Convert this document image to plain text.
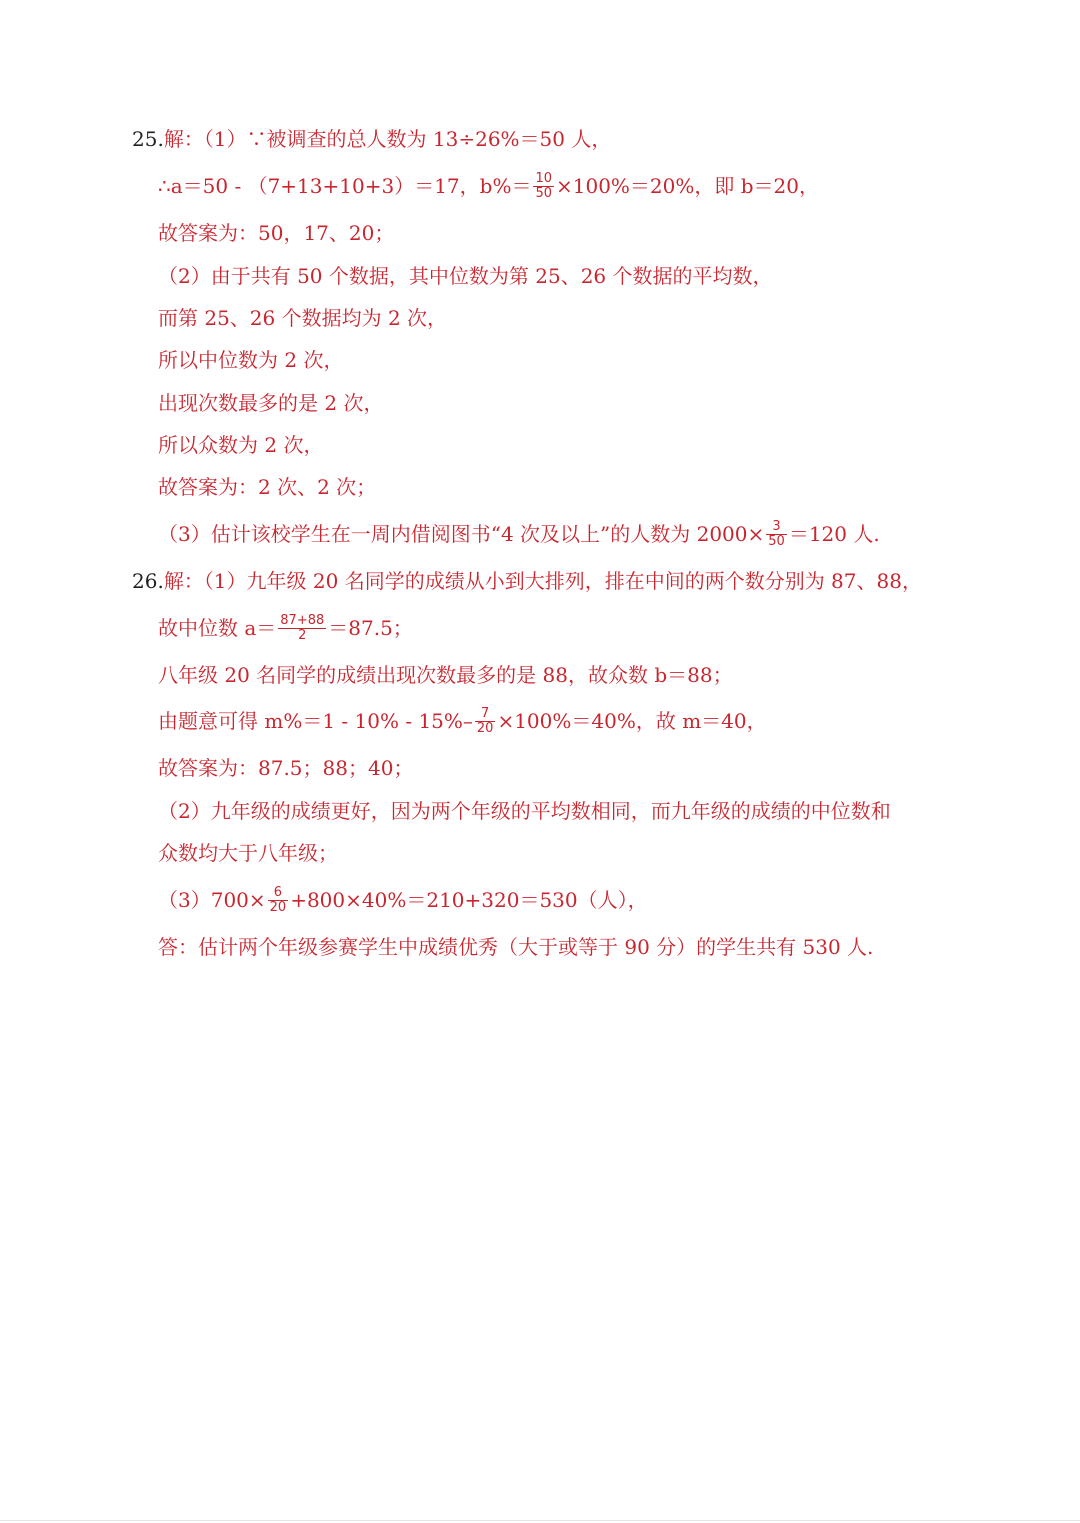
25.解：（1）∵被调查的总人数为 13÷26%＝50 人，
∴a＝50 - （7+13+10+3）＝17，$b\%= \frac{10}{50} \times 100\%=20\%$，即 b＝20，
故答案为：50，17、20；
（2）由于共有 50 个数据，其中位数为第 25、26 个数据的平均数，
而第 25、26 个数据均为 2 次，
所以中位数为 2 次，
出现次数最多的是 2 次，
所以众数为 2 次，
故答案为：2 次、2 次；
（3）估计该校学生在一周内借阅图书“4 次及以上”的人数为 $2000\times \frac{3}{50} =120$ 人.
26.解：（1）九年级 20 名同学的成绩从小到大排列，排在中间的两个数分别为 87、88，
故中位数 $a= \frac{87+88}{2} =87.5$；
八年级 20 名同学的成绩出现次数最多的是 88，故众数 b＝88；
由题意可得 $m\%=1 - 10\% - 15\%- \frac{7}{20} \times 100\%=40\%$，故 m＝40，
故答案为：87.5；88；40；
（2）九年级的成绩更好，因为两个年级的平均数相同，而九年级的成绩的中位数和
众数均大于八年级；
$(3)700\times \frac{6}{20} +800\times 40\%=210+320=530$（人），
答：估计两个年级参赛学生中成绩优秀（大于或等于 90 分）的学生共有 530 人.
